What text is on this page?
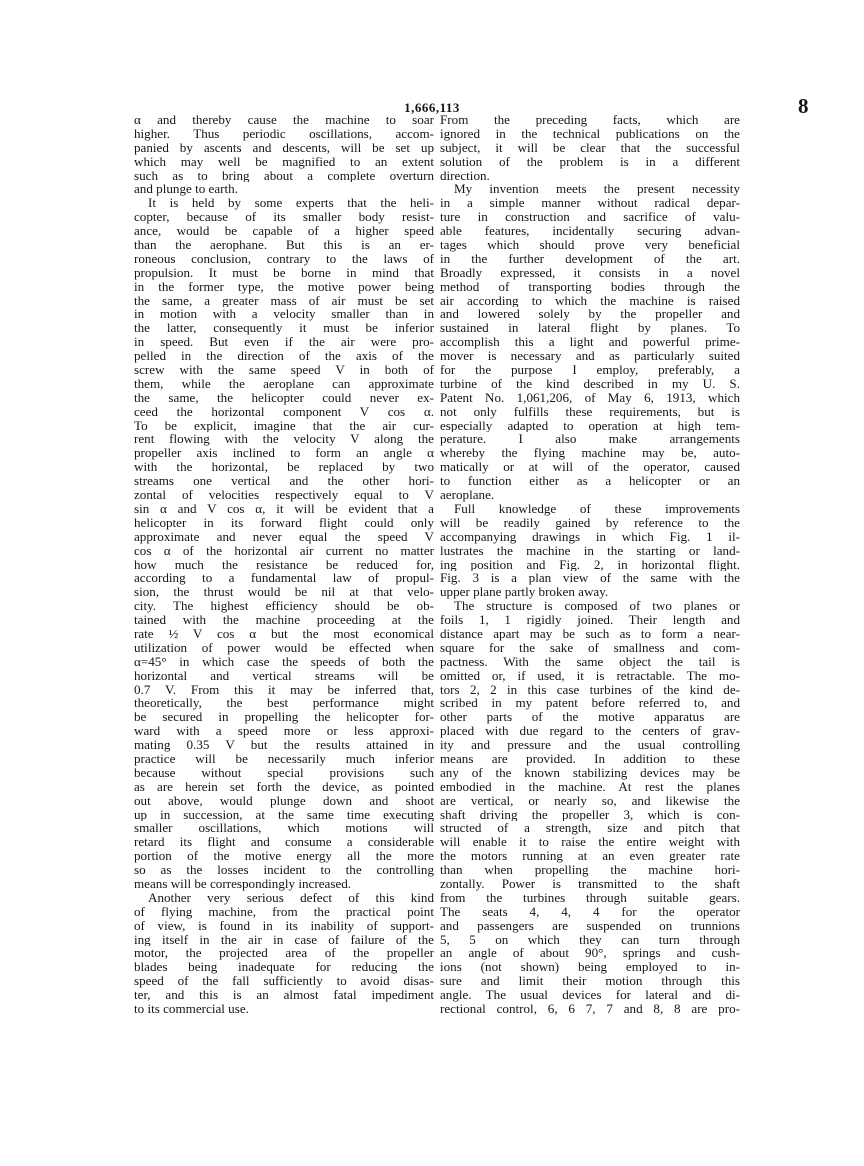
1,666,113	8
α and thereby cause the machine to soar
higher. Thus periodic oscillations, accom-
panied by ascents and descents, will be set up
which may well be magnified to an extent
such as to bring about a complete overturn
and plunge to earth.
It is held by some experts that the heli-
copter, because of its smaller body resist-
ance, would be capable of a higher speed
than the aerophane. But this is an er-
roneous conclusion, contrary to the laws of
propulsion. It must be borne in mind that
in the former type, the motive power being
the same, a greater mass of air must be set
in motion with a velocity smaller than in
the latter, consequently it must be inferior
in speed. But even if the air were pro-
pelled in the direction of the axis of the
screw with the same speed V in both of
them, while the aeroplane can approximate
the same, the helicopter could never ex-
ceed the horizontal component V cos α.
To be explicit, imagine that the air cur-
rent flowing with the velocity V along the
propeller axis inclined to form an angle α
with the horizontal, be replaced by two
streams one vertical and the other hori-
zontal of velocities respectively equal to V
sin α and V cos α, it will be evident that a
helicopter in its forward flight could only
approximate and never equal the speed V
cos α of the horizontal air current no matter
how much the resistance be reduced for,
according to a fundamental law of propul-
sion, the thrust would be nil at that velo-
city. The highest efficiency should be ob-
tained with the machine proceeding at the
rate ½ V cos α but the most economical
utilization of power would be effected when
α=45° in which case the speeds of both the
horizontal and vertical streams will be
0.7 V. From this it may be inferred that,
theoretically, the best performance might
be secured in propelling the helicopter for-
ward with a speed more or less approxi-
mating 0.35 V but the results attained in
practice will be necessarily much inferior
because without special provisions such
as are herein set forth the device, as pointed
out above, would plunge down and shoot
up in succession, at the same time executing
smaller oscillations, which motions will
retard its flight and consume a considerable
portion of the motive energy all the more
so as the losses incident to the controlling
means will be correspondingly increased.
Another very serious defect of this kind
of flying machine, from the practical point
of view, is found in its inability of support-
ing itself in the air in case of failure of the
motor, the projected area of the propeller
blades being inadequate for reducing the
speed of the fall sufficiently to avoid disas-
ter, and this is an almost fatal impediment
to its commercial use.
From the preceding facts, which are
ignored in the technical publications on the
subject, it will be clear that the successful
solution of the problem is in a different
direction.
My invention meets the present necessity
in a simple manner without radical depar-
ture in construction and sacrifice of valu-
able features, incidentally securing advan-
tages which should prove very beneficial
in the further development of the art.
Broadly expressed, it consists in a novel
method of transporting bodies through the
air according to which the machine is raised
and lowered solely by the propeller and
sustained in lateral flight by planes. To
accomplish this a light and powerful prime-
mover is necessary and as particularly suited
for the purpose I employ, preferably, a
turbine of the kind described in my U. S.
Patent No. 1,061,206, of May 6, 1913, which
not only fulfills these requirements, but is
especially adapted to operation at high tem-
perature. I also make arrangements
whereby the flying machine may be, auto-
matically or at will of the operator, caused
to function either as a helicopter or an
aeroplane.
Full knowledge of these improvements
will be readily gained by reference to the
accompanying drawings in which Fig. 1 il-
lustrates the machine in the starting or land-
ing position and Fig. 2, in horizontal flight.
Fig. 3 is a plan view of the same with the
upper plane partly broken away.
The structure is composed of two planes or
foils 1, 1 rigidly joined. Their length and
distance apart may be such as to form a near-
square for the sake of smallness and com-
pactness. With the same object the tail is
omitted or, if used, it is retractable. The mo-
tors 2, 2 in this case turbines of the kind de-
scribed in my patent before referred to, and
other parts of the motive apparatus are
placed with due regard to the centers of grav-
ity and pressure and the usual controlling
means are provided. In addition to these
any of the known stabilizing devices may be
embodied in the machine. At rest the planes
are vertical, or nearly so, and likewise the
shaft driving the propeller 3, which is con-
structed of a strength, size and pitch that
will enable it to raise the entire weight with
the motors running at an even greater rate
than when propelling the machine hori-
zontally. Power is transmitted to the shaft
from the turbines through suitable gears.
The seats 4, 4, 4 for the operator
and passengers are suspended on trunnions
5, 5 on which they can turn through
an angle of about 90°, springs and cush-
ions (not shown) being employed to in-
sure and limit their motion through this
angle. The usual devices for lateral and di-
rectional control, 6, 6 7, 7 and 8, 8 are pro-
